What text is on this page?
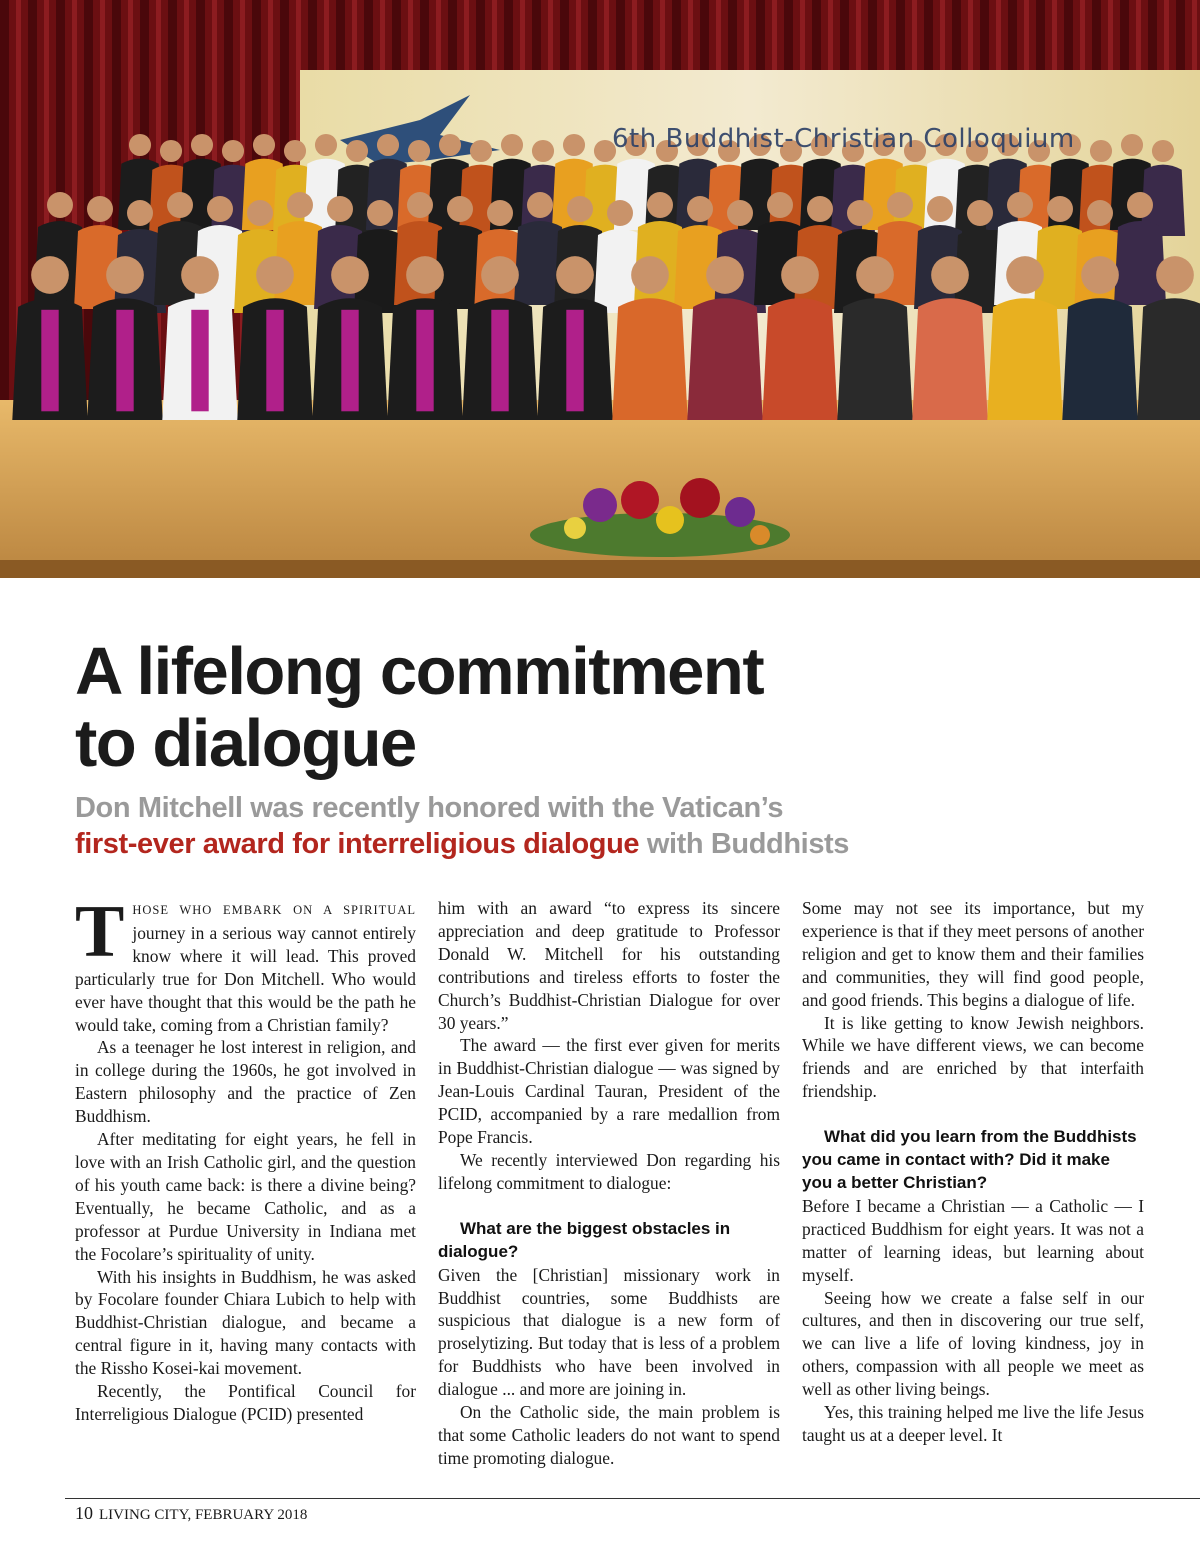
6th Buddhist-Christian Colloquium
A lifelong commitment
to dialogue
Don Mitchell was recently honored with the Vatican’s
first-ever award for interreligious dialogue with Buddhists

THOSE WHO EMBARK ON A SPIRITUAL journey in a serious way cannot entirely know where it will lead. This proved particularly true for Don Mitchell. Who would ever have thought that this would be the path he would take, coming from a Christian family?

As a teenager he lost interest in religion, and in college during the 1960s, he got involved in Eastern philosophy and the practice of Zen Buddhism.

After meditating for eight years, he fell in love with an Irish Catholic girl, and the question of his youth came back: is there a divine being? Eventually, he became Catholic, and as a professor at Purdue University in Indiana met the Focolare’s spirituality of unity.

With his insights in Buddhism, he was asked by Focolare founder Chiara Lubich to help with Buddhist-Christian dialogue, and became a central figure in it, having many contacts with the Rissho Kosei-kai movement.

Recently, the Pontifical Council for Interreligious Dialogue (PCID) presented

him with an award “to express its sincere appreciation and deep gratitude to Professor Donald W. Mitchell for his outstanding contributions and tireless efforts to foster the Church’s Buddhist-Christian Dialogue for over 30 years.”

The award — the first ever given for merits in Buddhist-Christian dialogue — was signed by Jean-Louis Cardinal Tauran, President of the PCID, accompanied by a rare medallion from Pope Francis.

We recently interviewed Don regarding his lifelong commitment to dialogue:

What are the biggest obstacles in dialogue?

Given the [Christian] missionary work in Buddhist countries, some Buddhists are suspicious that dialogue is a new form of proselytizing. But today that is less of a problem for Buddhists who have been involved in dialogue ... and more are joining in.

On the Catholic side, the main problem is that some Catholic leaders do not want to spend time promoting dialogue.

Some may not see its importance, but my experience is that if they meet persons of another religion and get to know them and their families and communities, they will find good people, and good friends. This begins a dialogue of life.

It is like getting to know Jewish neighbors. While we have different views, we can become friends and are enriched by that interfaith friendship.

What did you learn from the Buddhists you came in contact with? Did it make you a better Christian?

Before I became a Christian — a Catholic — I practiced Buddhism for eight years. It was not a matter of learning ideas, but learning about myself.

Seeing how we create a false self in our cultures, and then in discovering our true self, we can live a life of loving kindness, joy in others, compassion with all people we meet as well as other living beings.

Yes, this training helped me live the life Jesus taught us at a deeper level. It

10 LIVING CITY, FEBRUARY 2018
